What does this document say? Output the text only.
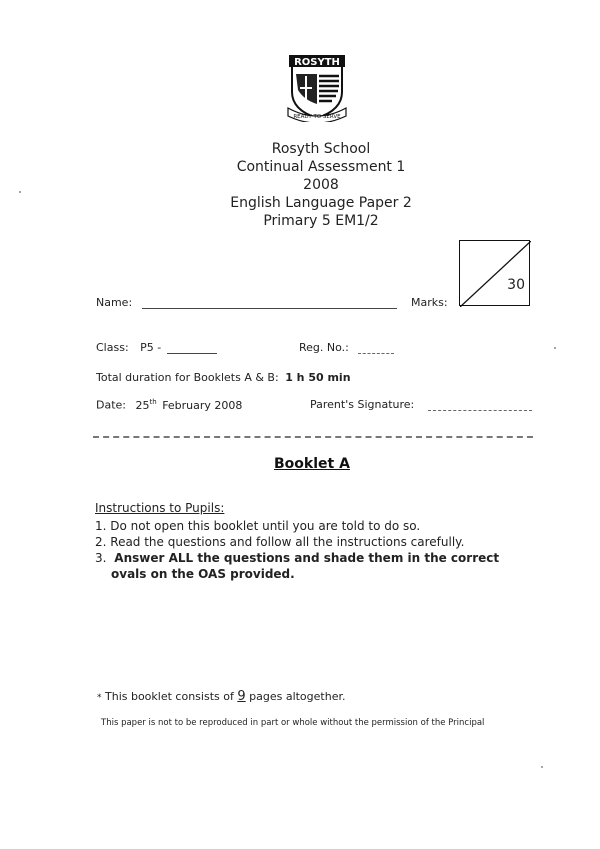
ROSYTH
READY TO SERVE
Rosyth School
Continual Assessment 1
2008
English Language Paper 2
Primary 5 EM1/2
30
Name:	Marks:
Class: P5 -	Reg. No.:
Total duration for Booklets A & B: 1 h 50 min
Date: 25th February 2008	Parent's Signature:
Booklet A
Instructions to Pupils:
1. Do not open this booklet until you are told to do so.
2. Read the questions and follow all the instructions carefully.
3. Answer ALL the questions and shade them in the correct
ovals on the OAS provided.
* This booklet consists of 9 pages altogether.
This paper is not to be reproduced in part or whole without the permission of the Principal
